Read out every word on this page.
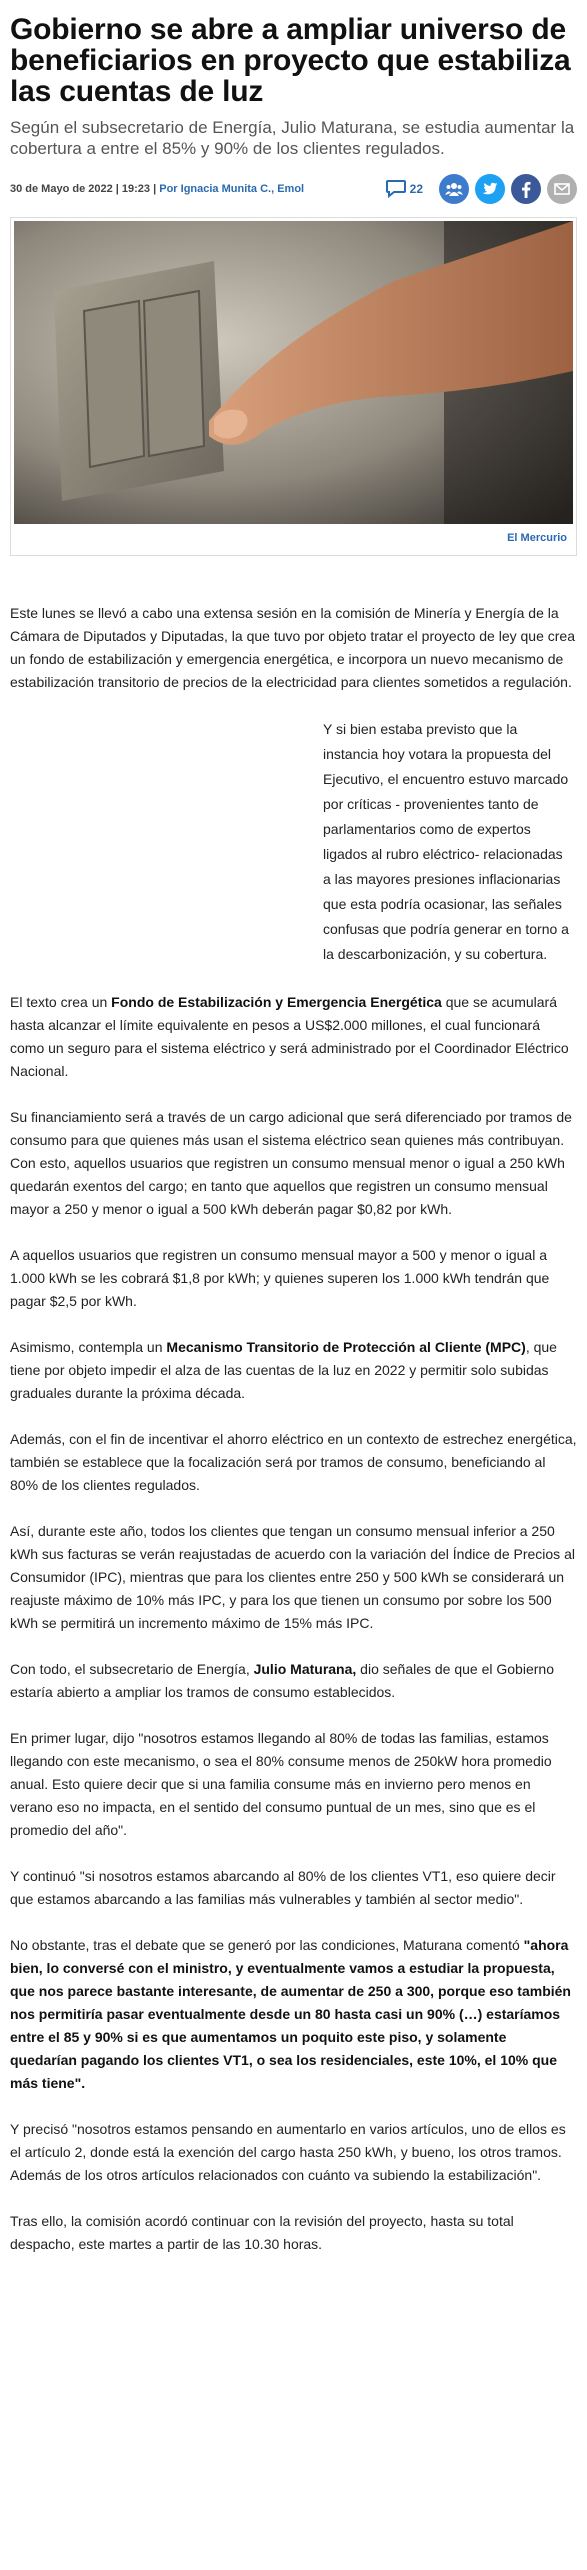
Gobierno se abre a ampliar universo de beneficiarios en proyecto que estabiliza las cuentas de luz

Según el subsecretario de Energía, Julio Maturana, se estudia aumentar la cobertura a entre el 85% y 90% de los clientes regulados.

30 de Mayo de 2022 | 19:23 | Por Ignacia Munita C., Emol	22
El Mercurio

Este lunes se llevó a cabo una extensa sesión en la comisión de Minería y Energía de la Cámara de Diputados y Diputadas, la que tuvo por objeto tratar el proyecto de ley que crea un fondo de estabilización y emergencia energética, e incorpora un nuevo mecanismo de estabilización transitorio de precios de la electricidad para clientes sometidos a regulación.

Y si bien estaba previsto que la instancia hoy votara la propuesta del Ejecutivo, el encuentro estuvo marcado por críticas - provenientes tanto de parlamentarios como de expertos ligados al rubro eléctrico- relacionadas a las mayores presiones inflacionarias que esta podría ocasionar, las señales confusas que podría generar en torno a la descarbonización, y su cobertura.

El texto crea un Fondo de Estabilización y Emergencia Energética que se acumulará hasta alcanzar el límite equivalente en pesos a US$2.000 millones, el cual funcionará como un seguro para el sistema eléctrico y será administrado por el Coordinador Eléctrico Nacional.

Su financiamiento será a través de un cargo adicional que será diferenciado por tramos de consumo para que quienes más usan el sistema eléctrico sean quienes más contribuyan. Con esto, aquellos usuarios que registren un consumo mensual menor o igual a 250 kWh quedarán exentos del cargo; en tanto que aquellos que registren un consumo mensual mayor a 250 y menor o igual a 500 kWh deberán pagar $0,82 por kWh.

A aquellos usuarios que registren un consumo mensual mayor a 500 y menor o igual a 1.000 kWh se les cobrará $1,8 por kWh; y quienes superen los 1.000 kWh tendrán que pagar $2,5 por kWh.

Asimismo, contempla un Mecanismo Transitorio de Protección al Cliente (MPC), que tiene por objeto impedir el alza de las cuentas de la luz en 2022 y permitir solo subidas graduales durante la próxima década.

Además, con el fin de incentivar el ahorro eléctrico en un contexto de estrechez energética, también se establece que la focalización será por tramos de consumo, beneficiando al 80% de los clientes regulados.

Así, durante este año, todos los clientes que tengan un consumo mensual inferior a 250 kWh sus facturas se verán reajustadas de acuerdo con la variación del Índice de Precios al Consumidor (IPC), mientras que para los clientes entre 250 y 500 kWh se considerará un reajuste máximo de 10% más IPC, y para los que tienen un consumo por sobre los 500 kWh se permitirá un incremento máximo de 15% más IPC.

Con todo, el subsecretario de Energía, Julio Maturana, dio señales de que el Gobierno estaría abierto a ampliar los tramos de consumo establecidos.

En primer lugar, dijo "nosotros estamos llegando al 80% de todas las familias, estamos llegando con este mecanismo, o sea el 80% consume menos de 250kW hora promedio anual. Esto quiere decir que si una familia consume más en invierno pero menos en verano eso no impacta, en el sentido del consumo puntual de un mes, sino que es el promedio del año".

Y continuó "si nosotros estamos abarcando al 80% de los clientes VT1, eso quiere decir que estamos abarcando a las familias más vulnerables y también al sector medio".

No obstante, tras el debate que se generó por las condiciones, Maturana comentó "ahora bien, lo conversé con el ministro, y eventualmente vamos a estudiar la propuesta, que nos parece bastante interesante, de aumentar de 250 a 300, porque eso también nos permitiría pasar eventualmente desde un 80 hasta casi un 90% (…) estaríamos entre el 85 y 90% si es que aumentamos un poquito este piso, y solamente quedarían pagando los clientes VT1, o sea los residenciales, este 10%, el 10% que más tiene".

Y precisó "nosotros estamos pensando en aumentarlo en varios artículos, uno de ellos es el artículo 2, donde está la exención del cargo hasta 250 kWh, y bueno, los otros tramos. Además de los otros artículos relacionados con cuánto va subiendo la estabilización".

Tras ello, la comisión acordó continuar con la revisión del proyecto, hasta su total despacho, este martes a partir de las 10.30 horas.
